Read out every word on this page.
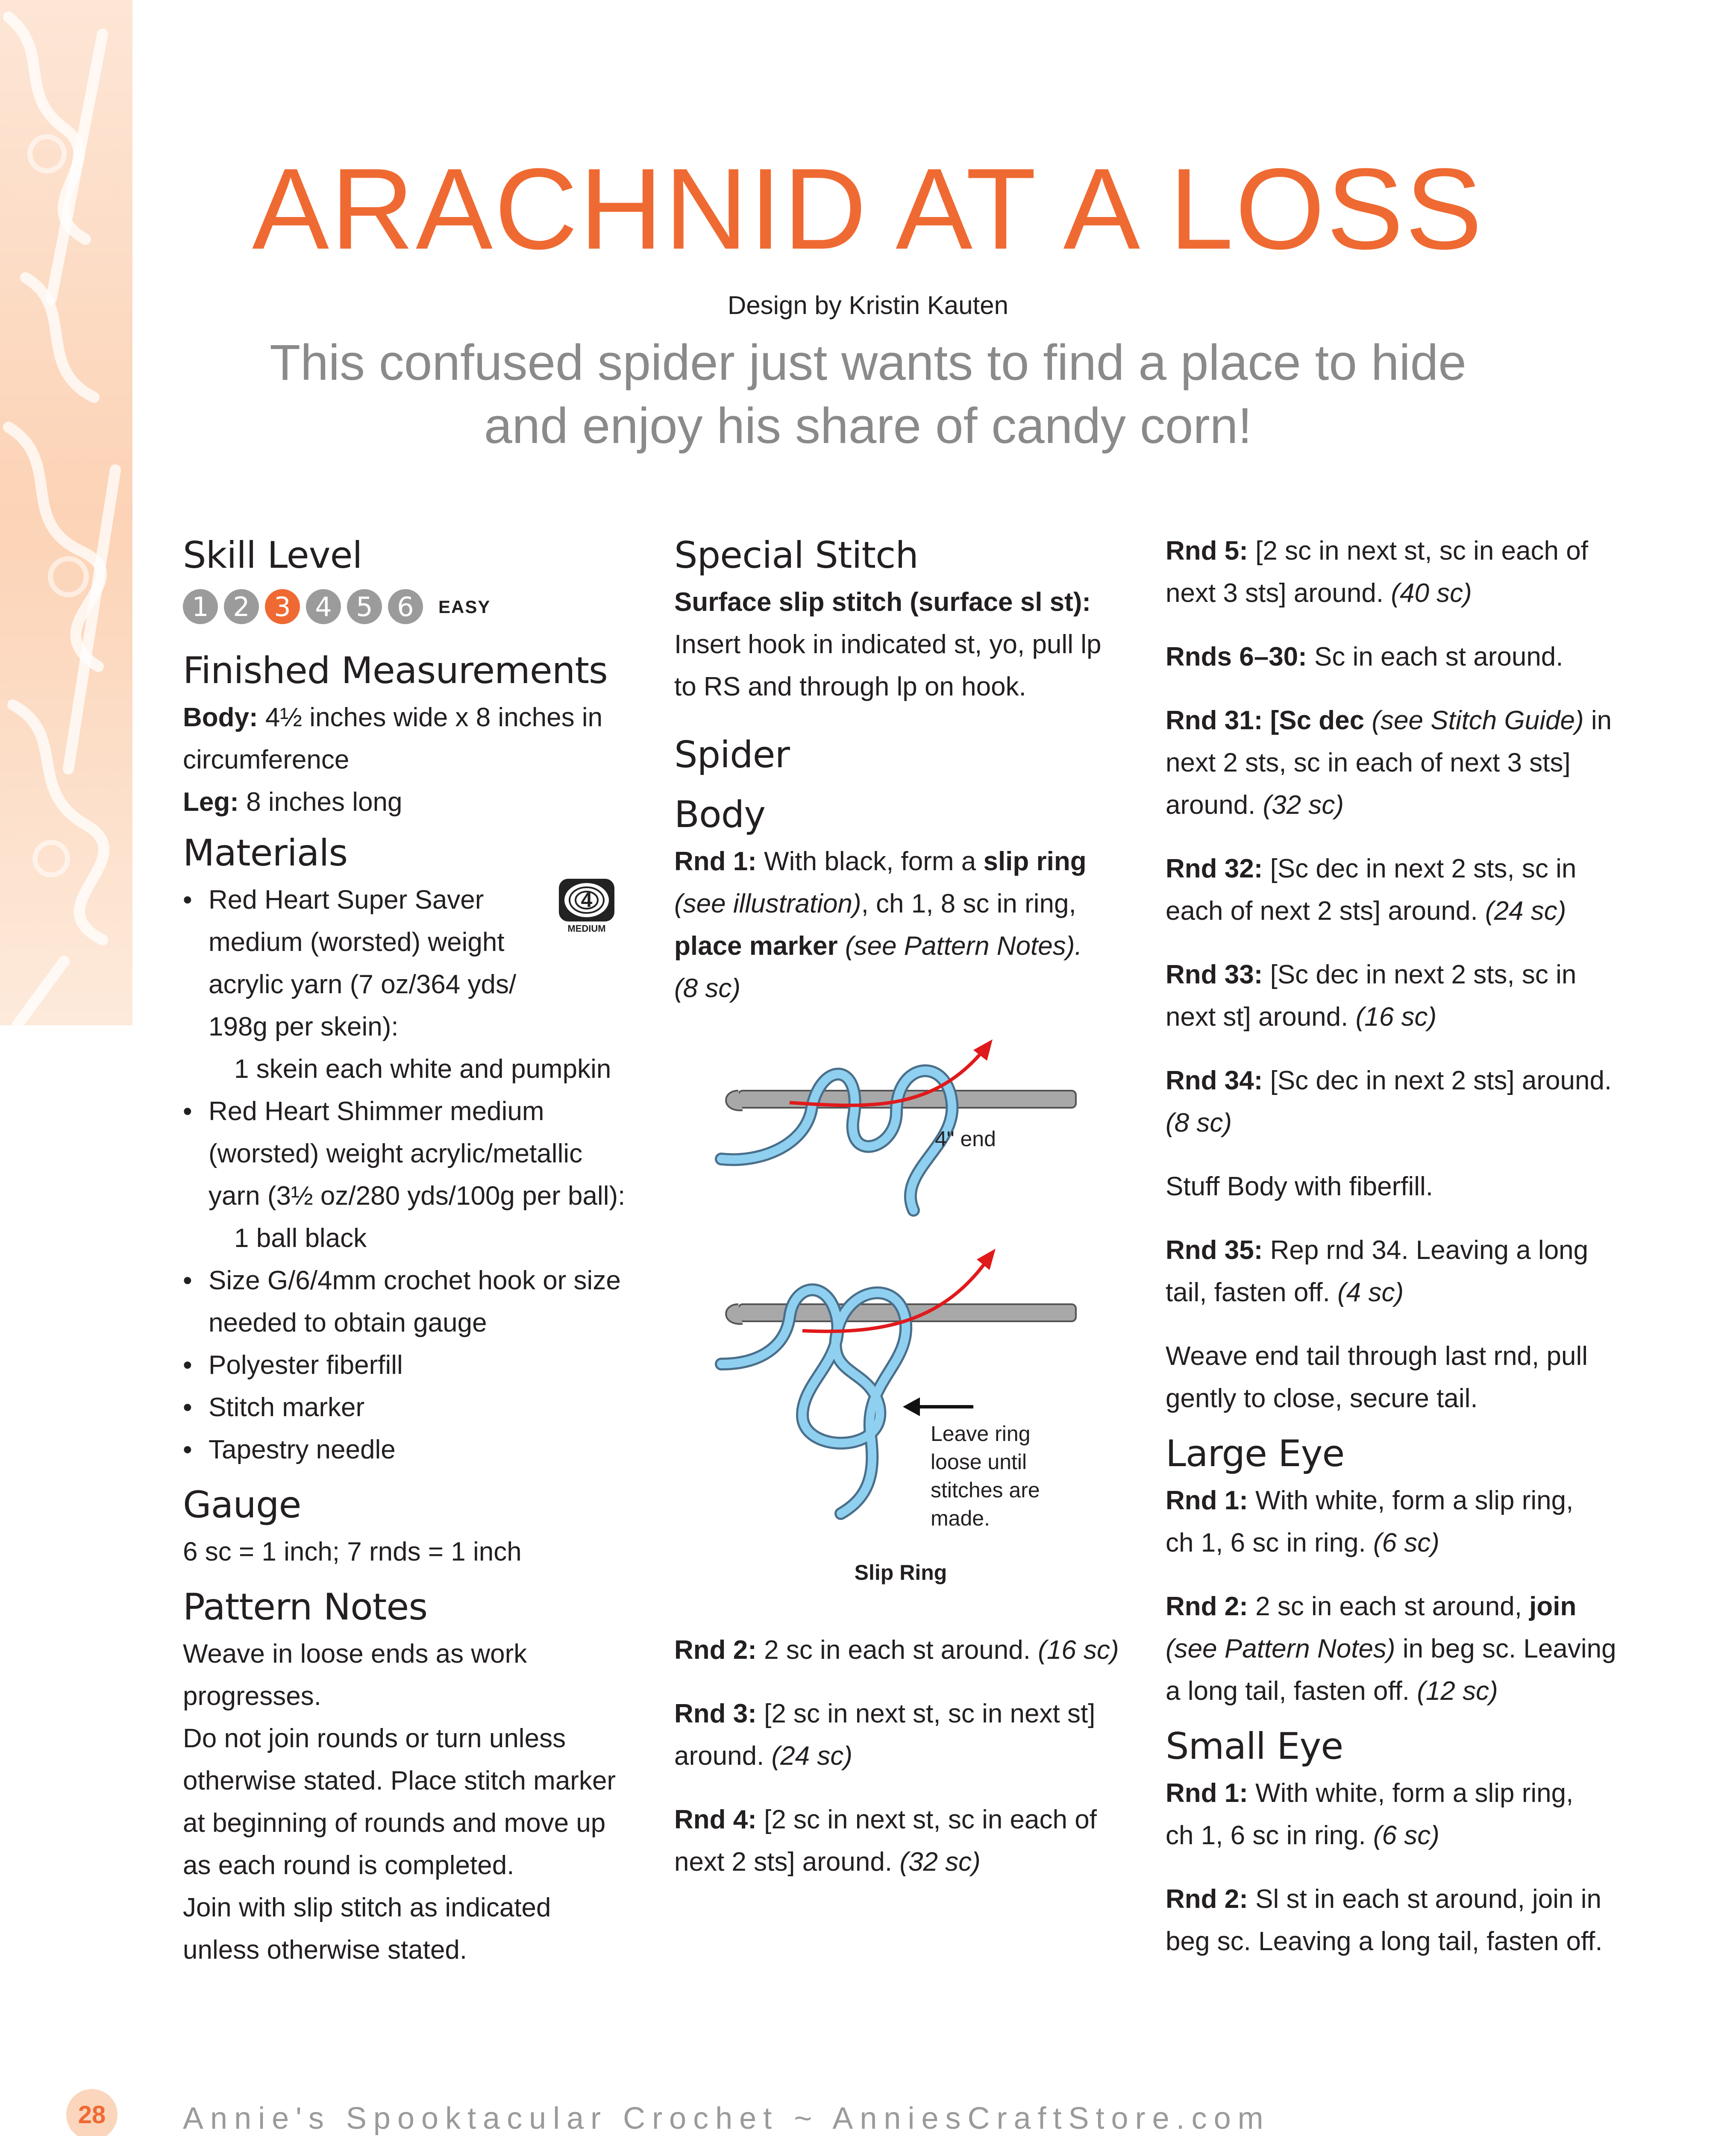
ARACHNID AT A LOSS
Design by Kristin Kauten
This confused spider just wants to find a place to hide
and enjoy his share of candy corn!
Skill Level
1 2 3 4 5 6	EASY
Finished Measurements

Body: 4½ inches wide x 8 inches in

circumference

Leg: 8 inches long

Materials
4
MEDIUM
• Red Heart Super Saver
medium (worsted) weight
acrylic yarn (7 oz/364 yds/
198g per skein):
1 skein each white and pumpkin
• Red Heart Shimmer medium
(worsted) weight acrylic/metallic
yarn (3½ oz/280 yds/100g per ball):
1 ball black
• Size G/6/4mm crochet hook or size
needed to obtain gauge
• Polyester fiberfill
• Stitch marker
• Tapestry needle
Gauge

6 sc = 1 inch; 7 rnds = 1 inch

Pattern Notes

Weave in loose ends as work

progresses.

Do not join rounds or turn unless

otherwise stated. Place stitch marker

at beginning of rounds and move up

as each round is completed.

Join with slip stitch as indicated

unless otherwise stated.

Special Stitch

Surface slip stitch (surface sl st):

Insert hook in indicated st, yo, pull lp

to RS and through lp on hook.

Spider
Body

Rnd 1: With black, form a slip ring

(see illustration), ch 1, 8 sc in ring,

place marker (see Pattern Notes).

(8 sc)

4" end
Leave ring
loose until
stitches are
made.
Slip Ring

Rnd 2: 2 sc in each st around. (16 sc)

Rnd 3: [2 sc in next st, sc in next st]

around. (24 sc)

Rnd 4: [2 sc in next st, sc in each of

next 2 sts] around. (32 sc)

Rnd 5: [2 sc in next st, sc in each of

next 3 sts] around. (40 sc)

Rnds 6–30: Sc in each st around.

Rnd 31: [Sc dec (see Stitch Guide) in

next 2 sts, sc in each of next 3 sts]

around. (32 sc)

Rnd 32: [Sc dec in next 2 sts, sc in

each of next 2 sts] around. (24 sc)

Rnd 33: [Sc dec in next 2 sts, sc in

next st] around. (16 sc)

Rnd 34: [Sc dec in next 2 sts] around.

(8 sc)

Stuff Body with fiberfill.

Rnd 35: Rep rnd 34. Leaving a long

tail, fasten off. (4 sc)

Weave end tail through last rnd, pull

gently to close, secure tail.

Large Eye

Rnd 1: With white, form a slip ring,

ch 1, 6 sc in ring. (6 sc)

Rnd 2: 2 sc in each st around, join

(see Pattern Notes) in beg sc. Leaving

a long tail, fasten off. (12 sc)

Small Eye

Rnd 1: With white, form a slip ring,

ch 1, 6 sc in ring. (6 sc)

Rnd 2: Sl st in each st around, join in

beg sc. Leaving a long tail, fasten off.

28	Annie's Spooktacular Crochet ~ AnniesCraftStore.com
